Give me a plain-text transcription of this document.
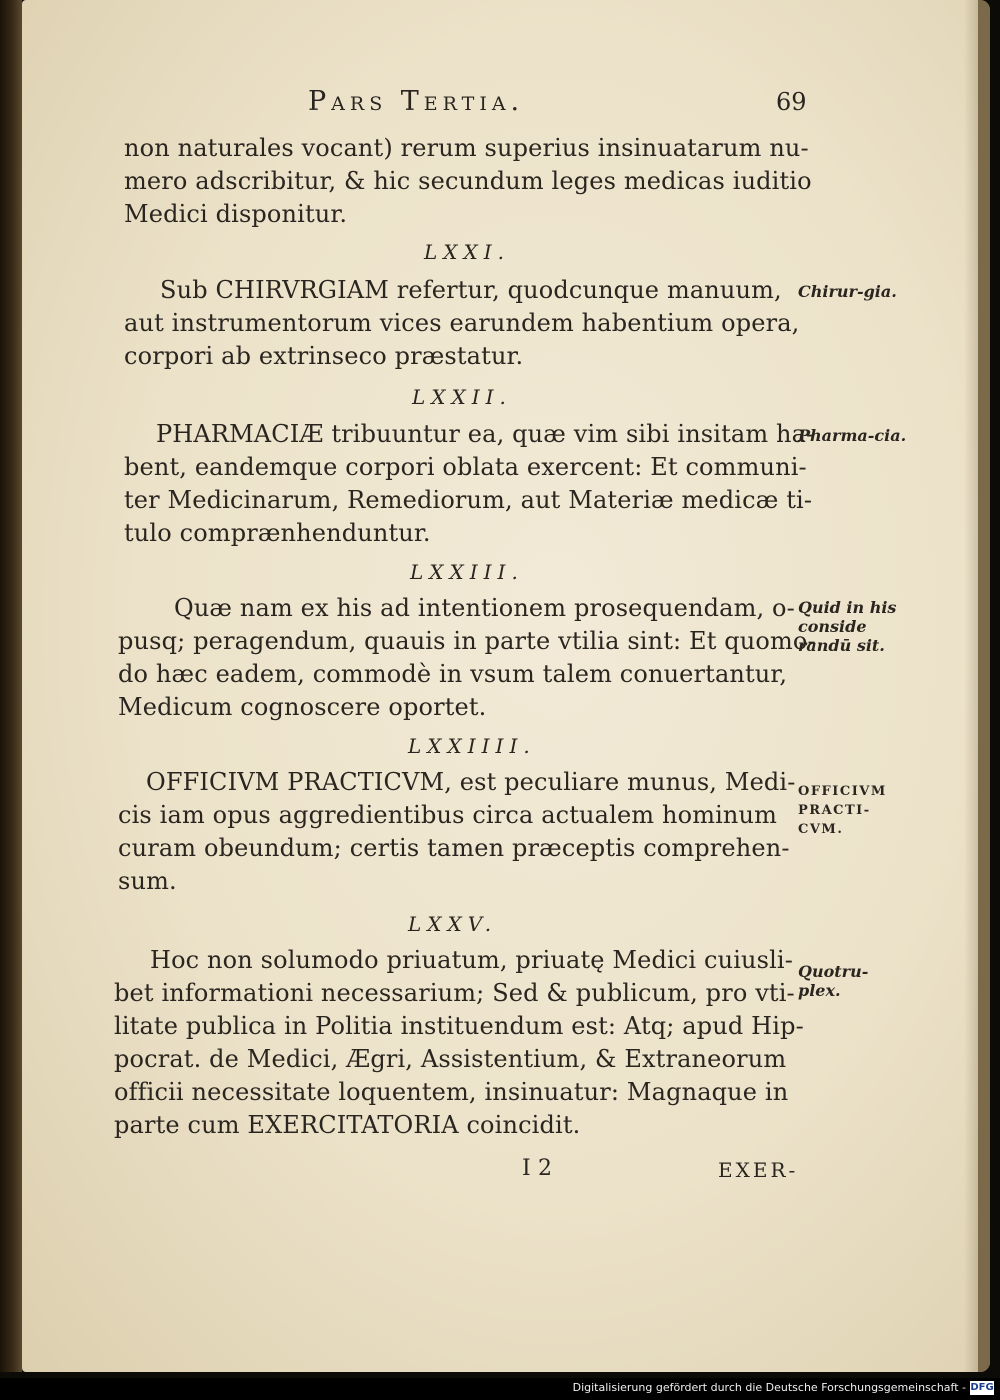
Pars Tertia.	69
non naturales vocant) rerum superius insinuatarum nu-
mero adscribitur, & hic secundum leges medicas iuditio
Medici disponitur.
LXXI.
Sub CHIRVRGIAM refertur, quodcunque manuum,
aut instrumentorum vices earundem habentium opera,
corpori ab extrinseco præstatur.
Chirur-gia.
LXXII.
PHARMACIÆ tribuuntur ea, quæ vim sibi insitam ha-
bent, eandemque corpori oblata exercent: Et communi-
ter Medicinarum, Remediorum, aut Materiæ medicæ ti-
tulo comprænhenduntur.
Pharma-cia.
LXXIII.
Quæ nam ex his ad intentionem prosequendam, o-
pusq; peragendum, quauis in parte vtilia sint: Et quomo-
do hæc eadem, commodè in vsum talem conuertantur,
Medicum cognoscere oportet.
Quid in his conside randū sit.
LXXIIII.
OFFICIVM PRACTICVM, est peculiare munus, Medi-
cis iam opus aggredientibus circa actualem hominum
curam obeundum; certis tamen præceptis comprehen-
sum.
OFFICIVM PRACTI-CVM.
LXXV.
Hoc non solumodo priuatum, priuatę Medici cuiusli-
bet informationi necessarium; Sed & publicum, pro vti-
litate publica in Politia instituendum est: Atq; apud Hip-
pocrat. de Medici, Ægri, Assistentium, & Extraneorum
officii necessitate loquentem, insinuatur: Magnaque in
parte cum EXERCITATORIA coincidit.
Quotru-plex.
I 2	EXER-
Digitalisierung gefördert durch die Deutsche Forschungsgemeinschaft - DFG
